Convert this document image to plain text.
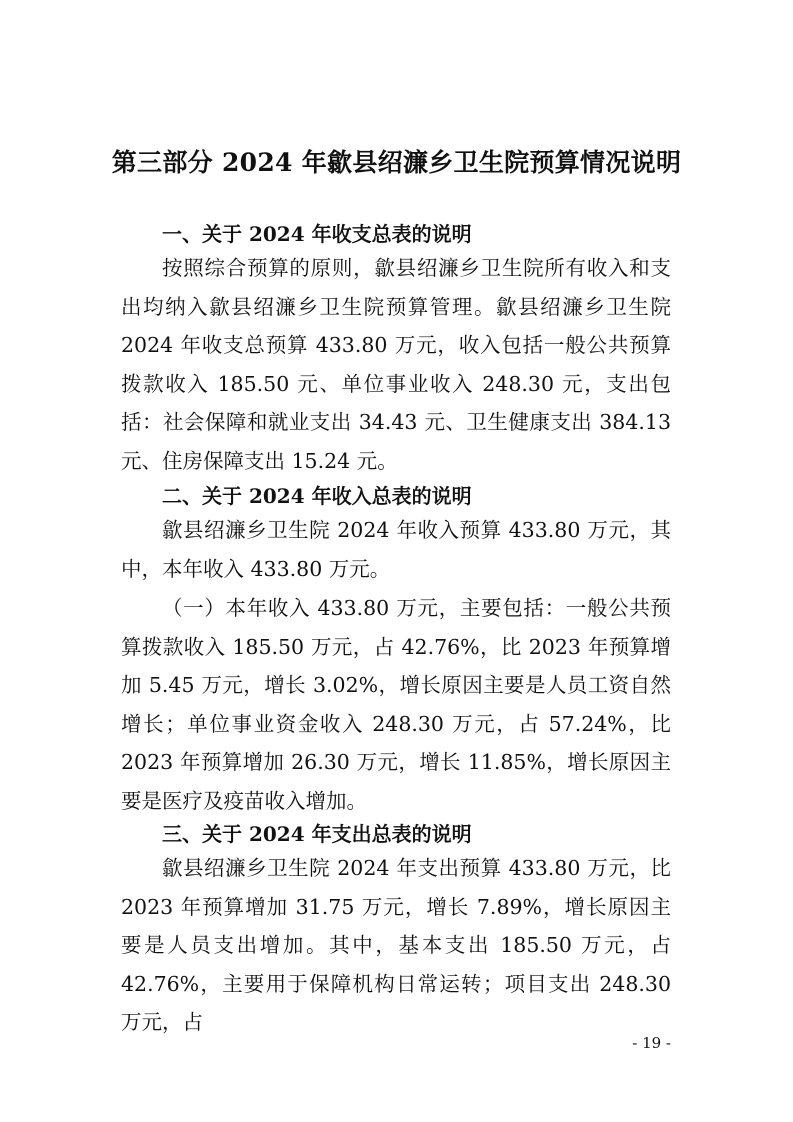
第三部分 2024 年歙县绍濂乡卫生院预算情况说明
一、关于 2024 年收支总表的说明

按照综合预算的原则，歙县绍濂乡卫生院所有收入和支出均纳入歙县绍濂乡卫生院预算管理。歙县绍濂乡卫生院 2024 年收支总预算 433.80 万元，收入包括一般公共预算拨款收入 185.50 元、单位事业收入 248.30 元，支出包括：社会保障和就业支出 34.43 元、卫生健康支出 384.13 元、住房保障支出 15.24 元。

二、关于 2024 年收入总表的说明

歙县绍濂乡卫生院 2024 年收入预算 433.80 万元，其中，本年收入 433.80 万元。

（一）本年收入 433.80 万元，主要包括：一般公共预算拨款收入 185.50 万元，占 42.76%，比 2023 年预算增加 5.45 万元，增长 3.02%，增长原因主要是人员工资自然增长；单位事业资金收入 248.30 万元，占 57.24%，比 2023 年预算增加 26.30 万元，增长 11.85%，增长原因主要是医疗及疫苗收入增加。

三、关于 2024 年支出总表的说明

歙县绍濂乡卫生院 2024 年支出预算 433.80 万元，比 2023 年预算增加 31.75 万元，增长 7.89%，增长原因主要是人员支出增加。其中，基本支出 185.50 万元，占 42.76%，主要用于保障机构日常运转；项目支出 248.30 万元，占

- 19 -
